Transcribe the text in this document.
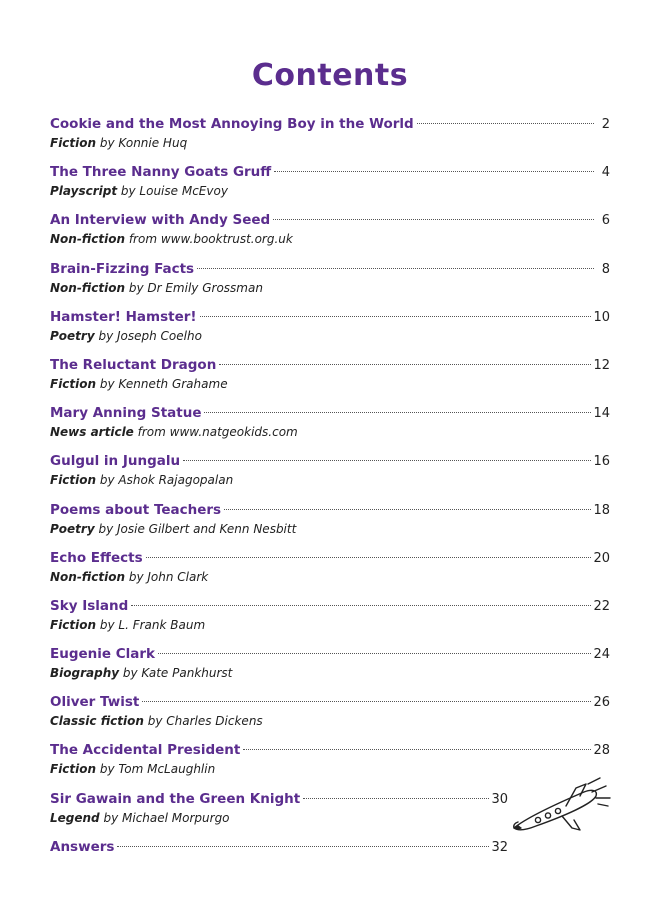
Contents
Cookie and the Most Annoying Boy in the World	2
Fiction by Konnie Huq
The Three Nanny Goats Gruff	4
Playscript by Louise McEvoy
An Interview with Andy Seed	6
Non-fiction from www.booktrust.org.uk
Brain-Fizzing Facts	8
Non-fiction by Dr Emily Grossman
Hamster! Hamster!	10
Poetry by Joseph Coelho
The Reluctant Dragon	12
Fiction by Kenneth Grahame
Mary Anning Statue	14
News article from www.natgeokids.com
Gulgul in Jungalu	16
Fiction by Ashok Rajagopalan
Poems about Teachers	18
Poetry by Josie Gilbert and Kenn Nesbitt
Echo Effects	20
Non-fiction by John Clark
Sky Island	22
Fiction by L. Frank Baum
Eugenie Clark	24
Biography by Kate Pankhurst
Oliver Twist	26
Classic fiction by Charles Dickens
The Accidental President	28
Fiction by Tom McLaughlin
Sir Gawain and the Green Knight	30
Legend by Michael Morpurgo
Answers	32
